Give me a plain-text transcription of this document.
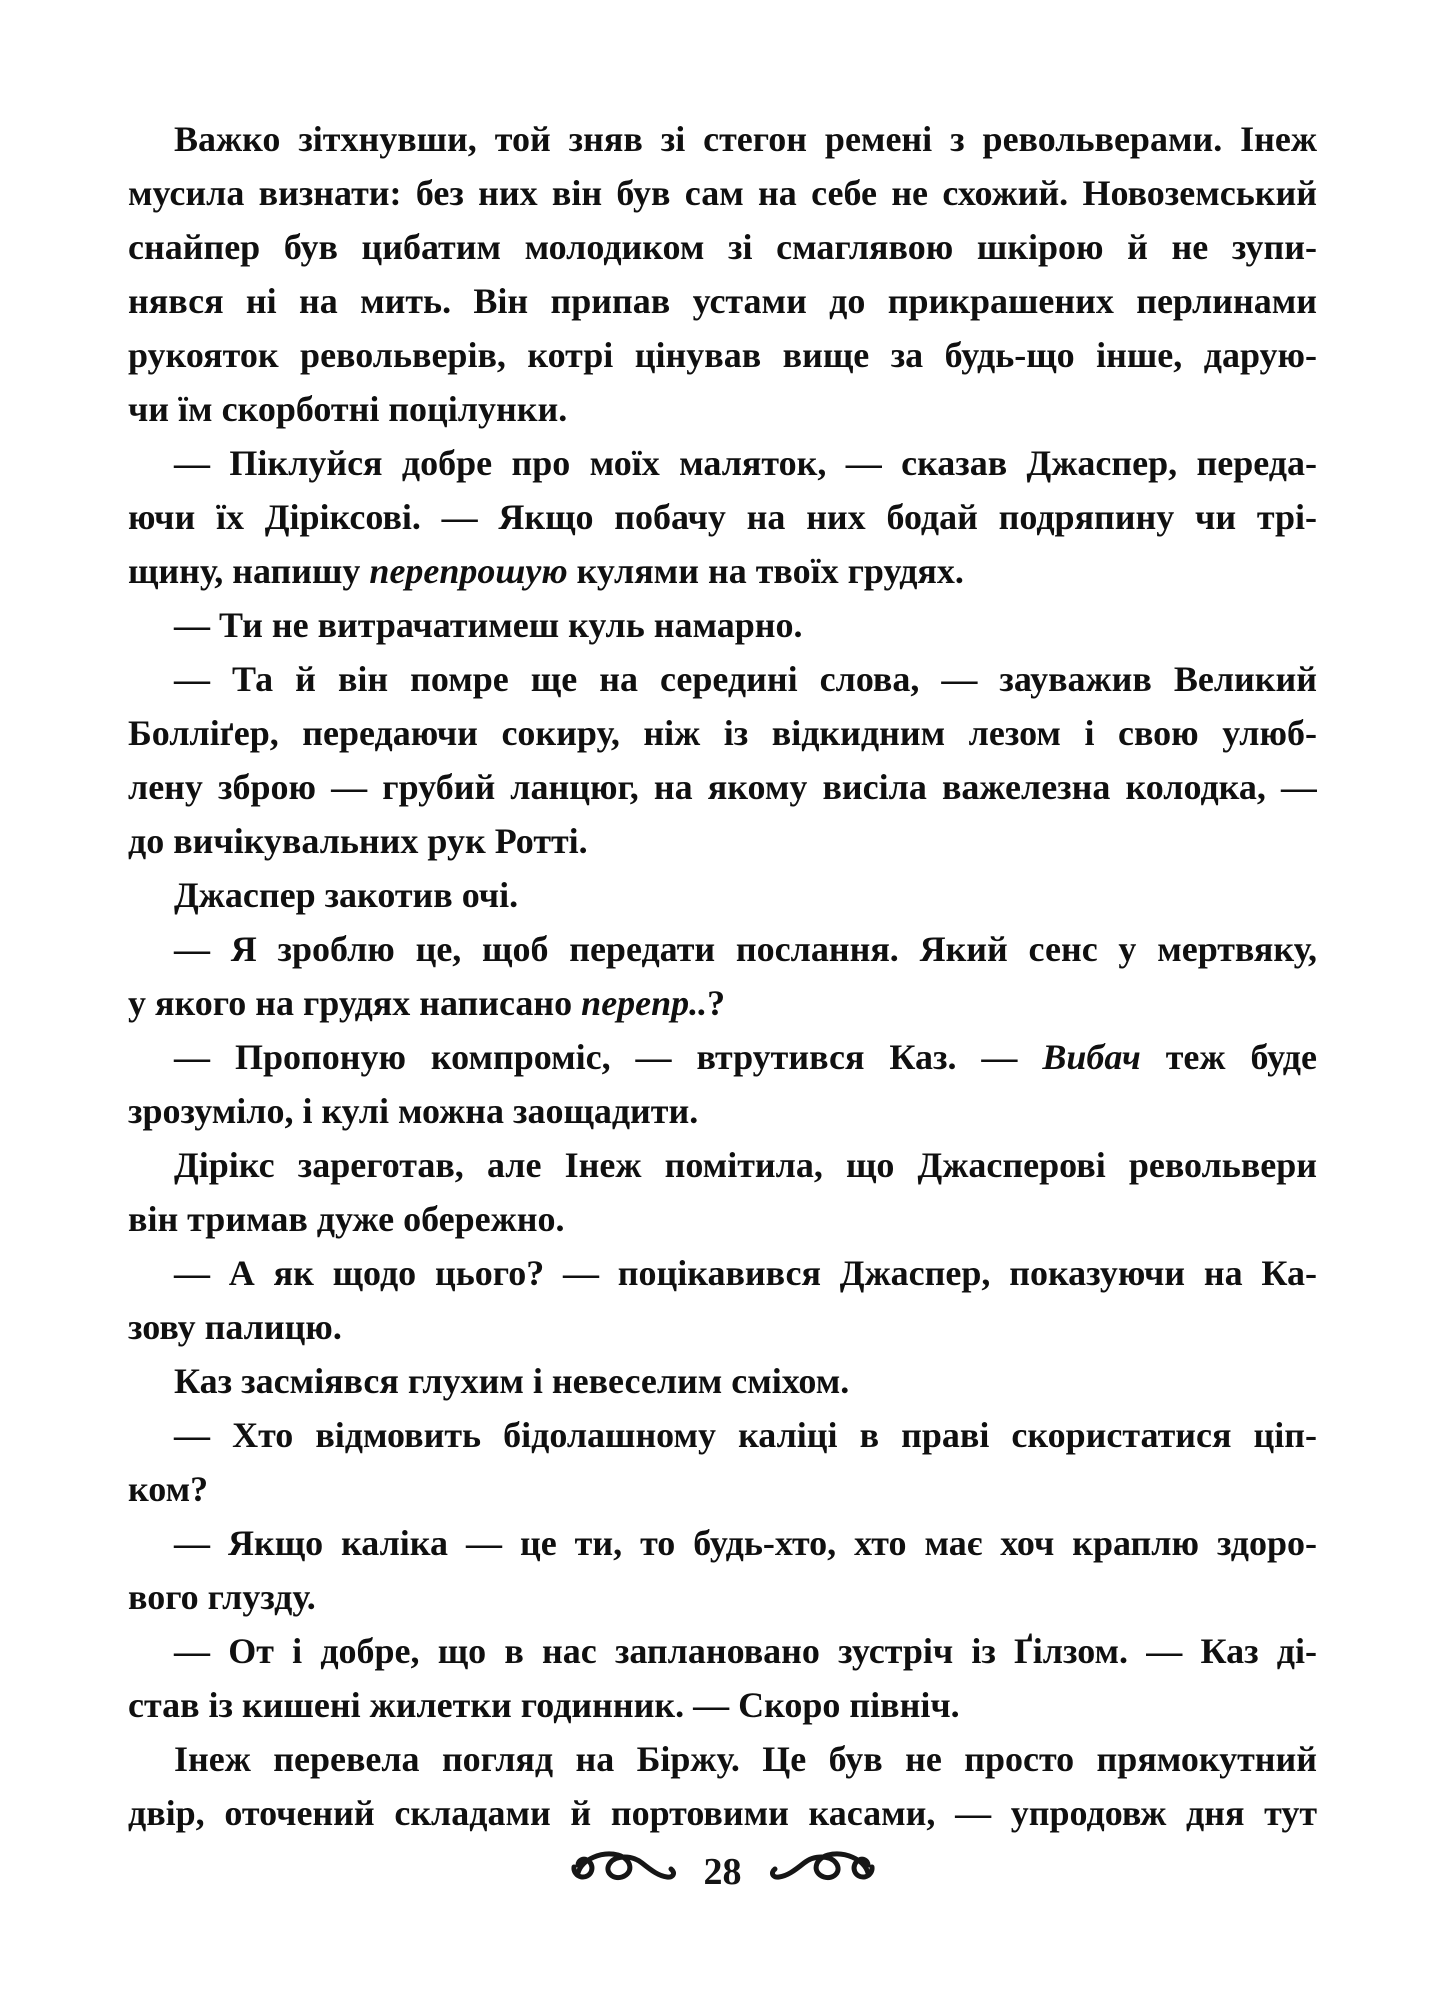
Важко зітхнувши, той зняв зі стегон ремені з револьверами. Інеж
мусила визнати: без них він був сам на себе не схожий. Новоземський
снайпер був цибатим молодиком зі смаглявою шкірою й не зупи-
нявся ні на мить. Він припав устами до прикрашених перлинами
рукояток револьверів, котрі цінував вище за будь-що інше, дарую-
чи їм скорботні поцілунки.
— Піклуйся добре про моїх маляток, — сказав Джаспер, переда-
ючи їх Діріксові. — Якщо побачу на них бодай подряпину чи трі-
щину, напишу перепрошую кулями на твоїх грудях.
— Ти не витрачатимеш куль намарно.
— Та й він помре ще на середині слова, — зауважив Великий
Болліґер, передаючи сокиру, ніж із відкидним лезом і свою улюб-
лену зброю — грубий ланцюг, на якому висіла важелезна колодка, —
до вичікувальних рук Ротті.
Джаспер закотив очі.
— Я зроблю це, щоб передати послання. Який сенс у мертвяку,
у якого на грудях написано перепр..?
— Пропоную компроміс, — втрутився Каз. — Вибач теж буде
зрозуміло, і кулі можна заощадити.
Дірікс зареготав, але Інеж помітила, що Джасперові револьвери
він тримав дуже обережно.
— А як щодо цього? — поцікавився Джаспер, показуючи на Ка-
зову палицю.
Каз засміявся глухим і невеселим сміхом.
— Хто відмовить бідолашному каліці в праві скористатися ціп-
ком?
— Якщо каліка — це ти, то будь-хто, хто має хоч краплю здоро-
вого глузду.
— От і добре, що в нас заплановано зустріч із Ґілзом. — Каз ді-
став із кишені жилетки годинник. — Скоро північ.
Інеж перевела погляд на Біржу. Це був не просто прямокутний
двір, оточений складами й портовими касами, — упродовж дня тут
28
